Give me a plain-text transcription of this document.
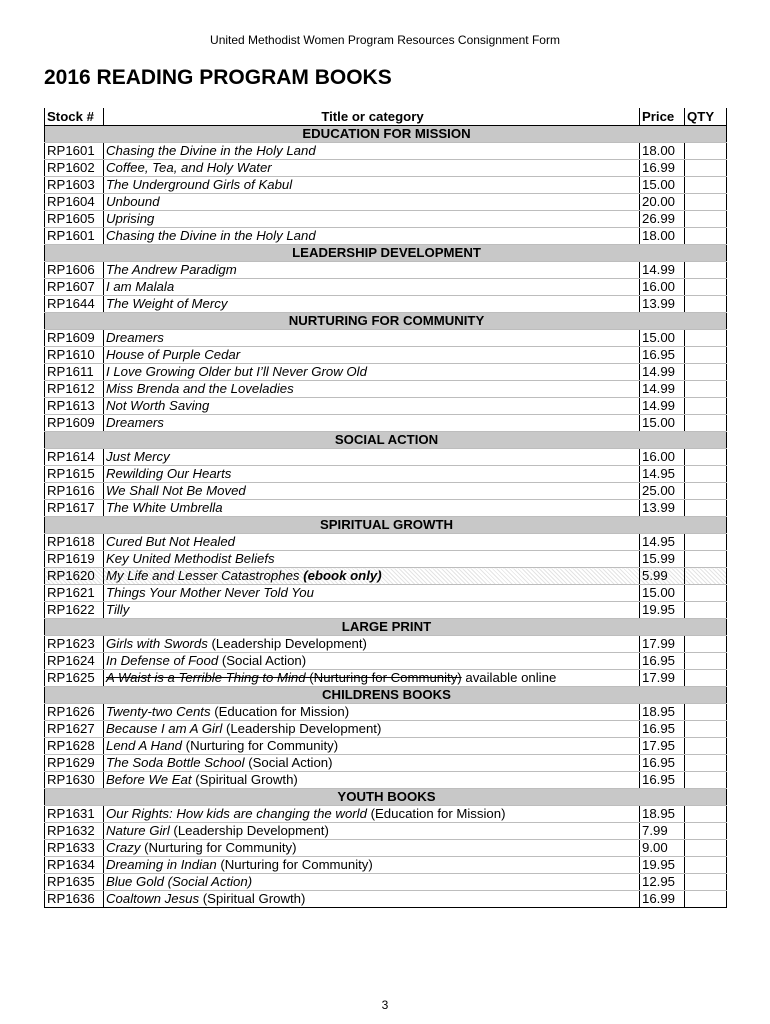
United Methodist Women Program Resources Consignment Form
2016 READING PROGRAM BOOKS
Stock #	Title or category	Price	QTY
EDUCATION FOR MISSION			
RP1601	Chasing the Divine in the Holy Land	18.00	
RP1602	Coffee, Tea, and Holy Water	16.99	
RP1603	The Underground Girls of Kabul	15.00	
RP1604	Unbound	20.00	
RP1605	Uprising	26.99	
RP1601	Chasing the Divine in the Holy Land	18.00	
LEADERSHIP DEVELOPMENT			
RP1606	The Andrew Paradigm	14.99	
RP1607	I am Malala	16.00	
RP1644	The Weight of Mercy	13.99	
NURTURING FOR COMMUNITY			
RP1609	Dreamers	15.00	
RP1610	House of Purple Cedar	16.95	
RP1611	I Love Growing Older but I’ll Never Grow Old	14.99	
RP1612	Miss Brenda and the Loveladies	14.99	
RP1613	Not Worth Saving	14.99	
RP1609	Dreamers	15.00	
SOCIAL ACTION			
RP1614	Just Mercy	16.00	
RP1615	Rewilding Our Hearts	14.95	
RP1616	We Shall Not Be Moved	25.00	
RP1617	The White Umbrella	13.99	
SPIRITUAL GROWTH			
RP1618	Cured But Not Healed	14.95	
RP1619	Key United Methodist Beliefs	15.99	
RP1620	My Life and Lesser Catastrophes (ebook only)	5.99	
RP1621	Things Your Mother Never Told You	15.00	
RP1622	Tilly	19.95	
LARGE PRINT			
RP1623	Girls with Swords (Leadership Development)	17.99	
RP1624	In Defense of Food (Social Action)	16.95	
RP1625	A Waist is a Terrible Thing to Mind (Nurturing for Community) available online	17.99	
CHILDRENS BOOKS			
RP1626	Twenty-two Cents (Education for Mission)	18.95	
RP1627	Because I am A Girl (Leadership Development)	16.95	
RP1628	Lend A Hand (Nurturing for Community)	17.95	
RP1629	The Soda Bottle School (Social Action)	16.95	
RP1630	Before We Eat (Spiritual Growth)	16.95	
YOUTH BOOKS			
RP1631	Our Rights: How kids are changing the world (Education for Mission)	18.95	
RP1632	Nature Girl (Leadership Development)	7.99	
RP1633	Crazy (Nurturing for Community)	9.00	
RP1634	Dreaming in Indian (Nurturing for Community)	19.95	
RP1635	Blue Gold (Social Action)	12.95	
RP1636	Coaltown Jesus (Spiritual Growth)	16.99	
3
